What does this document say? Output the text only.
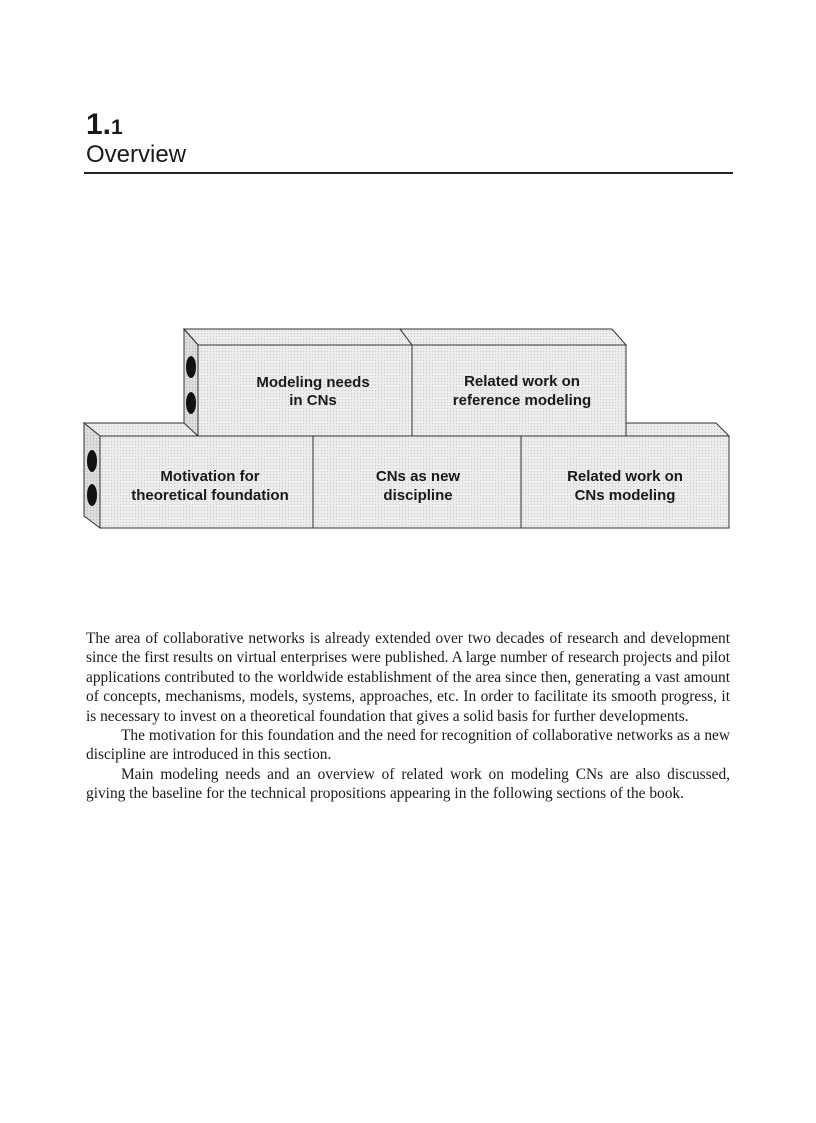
1.1
Overview
Modeling needs
in CNs
Related work on
reference modeling
Motivation for
theoretical foundation
CNs as new
discipline
Related work on
CNs modeling

The area of collaborative networks is already extended over two decades of research and development since the first results on virtual enterprises were published. A large number of research projects and pilot applications contributed to the worldwide establishment of the area since then, generating a vast amount of concepts, mechanisms, models, systems, approaches, etc. In order to facilitate its smooth progress, it is necessary to invest on a theoretical foundation that gives a solid basis for further developments.

The motivation for this foundation and the need for recognition of collaborative networks as a new discipline are introduced in this section.

Main modeling needs and an overview of related work on modeling CNs are also discussed, giving the baseline for the technical propositions appearing in the following sections of the book.
